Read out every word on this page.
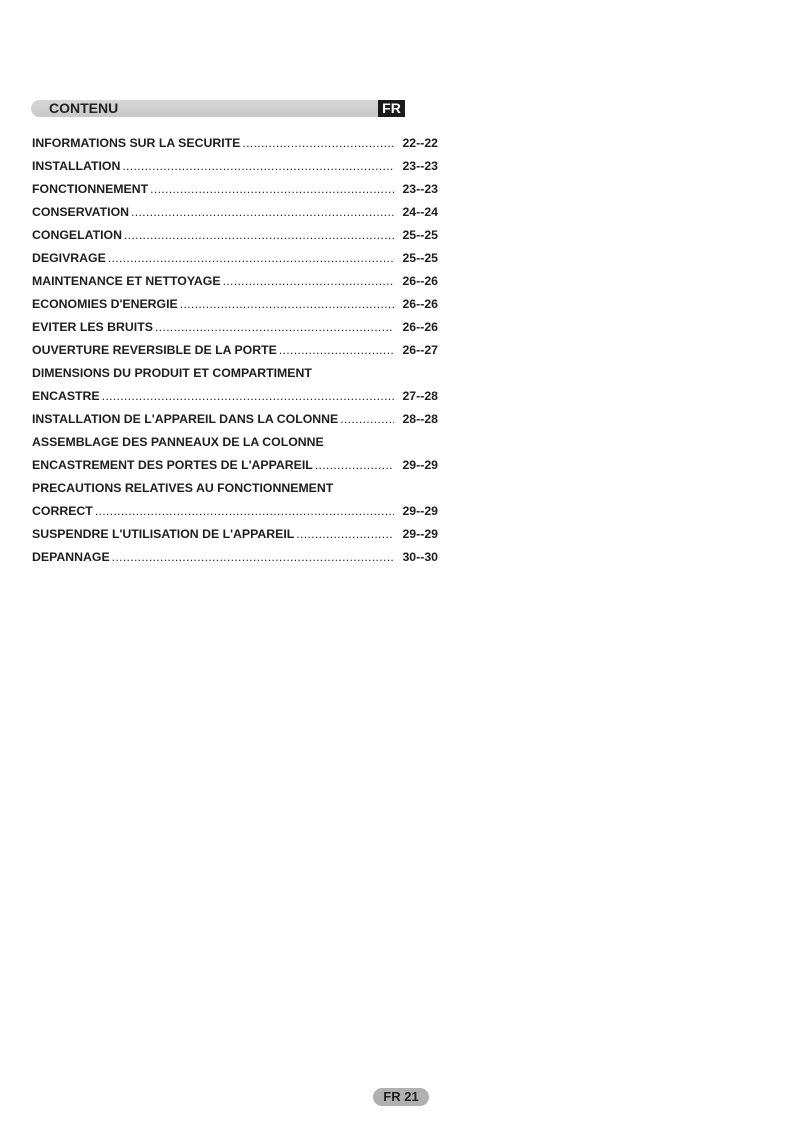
CONTENU	FR
INFORMATIONS SUR LA SECURITE .....	22--22
INSTALLATION .....	23--23
FONCTIONNEMENT .....	23--23
CONSERVATION .....	24--24
CONGELATION .....	25--25
DEGIVRAGE .....	25--25
MAINTENANCE ET NETTOYAGE .....	26--26
ECONOMIES D'ENERGIE .....	26--26
EVITER LES BRUITS .....	26--26
OUVERTURE REVERSIBLE DE LA PORTE .....	26--27
DIMENSIONS DU PRODUIT ET COMPARTIMENT
ENCASTRE .....	27--28
INSTALLATION DE L'APPAREIL DANS LA COLONNE .....	28--28
ASSEMBLAGE DES PANNEAUX DE LA COLONNE
ENCASTREMENT DES PORTES DE L'APPAREIL .....	29--29
PRECAUTIONS RELATIVES AU FONCTIONNEMENT
CORRECT .....	29--29
SUSPENDRE L'UTILISATION DE L'APPAREIL .....	29--29
DEPANNAGE .....	30--30
FR 21
